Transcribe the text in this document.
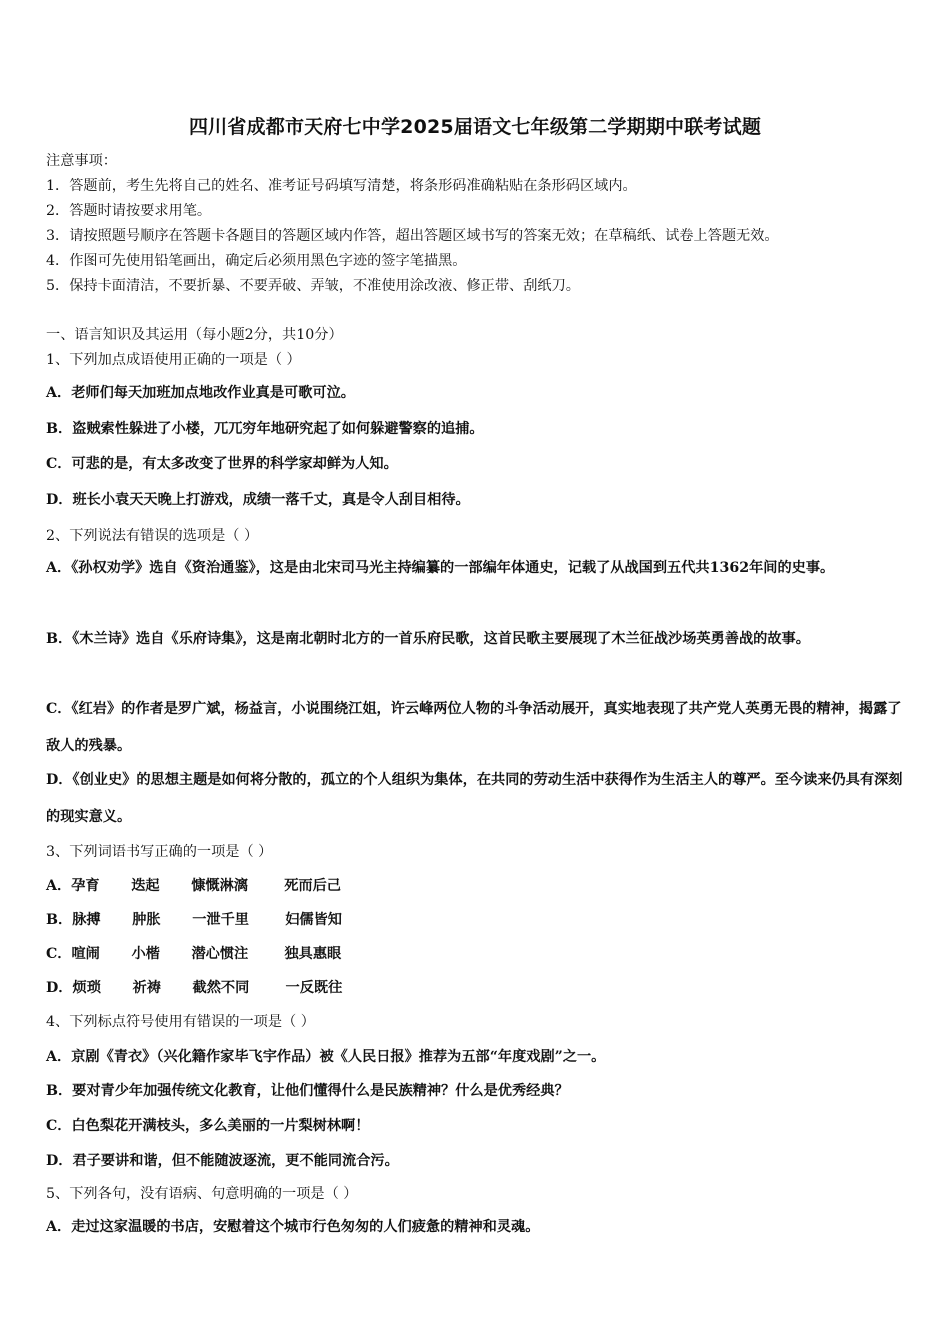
四川省成都市天府七中学2025届语文七年级第二学期期中联考试题
注意事项：
1．答题前，考生先将自己的姓名、准考证号码填写清楚，将条形码准确粘贴在条形码区域内。
2．答题时请按要求用笔。
3．请按照题号顺序在答题卡各题目的答题区域内作答，超出答题区域书写的答案无效；在草稿纸、试卷上答题无效。
4．作图可先使用铅笔画出，确定后必须用黑色字迹的签字笔描黑。
5．保持卡面清洁，不要折暴、不要弄破、弄皱，不准使用涂改液、修正带、刮纸刀。
一、语言知识及其运用（每小题2分，共10分）
1、下列加点成语使用正确的一项是（ ）
A．老师们每天加班加点地改作业真是可歌可泣。
B．盗贼索性躲进了小楼，兀兀穷年地研究起了如何躲避警察的追捕。
C．可悲的是，有太多改变了世界的科学家却鲜为人知。
D．班长小袁天天晚上打游戏，成绩一落千丈，真是令人刮目相待。
2、下列说法有错误的选项是（ ）
A．《孙权劝学》选自《资治通鉴》，这是由北宋司马光主持编纂的一部编年体通史，记载了从战国到五代共1362年间的史事。
B．《木兰诗》选自《乐府诗集》，这是南北朝时北方的一首乐府民歌，这首民歌主要展现了木兰征战沙场英勇善战的故事。
C．《红岩》的作者是罗广斌，杨益言，小说围绕江姐，许云峰两位人物的斗争活动展开，真实地表现了共产党人英勇无畏的精神，揭露了敌人的残暴。
D．《创业史》的思想主题是如何将分散的，孤立的个人组织为集体，在共同的劳动生活中获得作为生活主人的尊严。至今读来仍具有深刻的现实意义。
3、下列词语书写正确的一项是（ ）
A．孕育 迭起 慷慨淋漓	死而后己
B．脉搏 肿胀 一泄千里	妇儒皆知
C．喧闹 小楷 潜心惯注	独具惠眼
D．烦琐 祈祷 截然不同	一反既往
4、下列标点符号使用有错误的一项是（ ）
A．京剧《青衣》（兴化籍作家毕飞宇作品）被《人民日报》推荐为五部“年度戏剧”之一。
B．要对青少年加强传统文化教育，让他们懂得什么是民族精神？什么是优秀经典？
C．白色梨花开满枝头，多么美丽的一片梨树林啊！
D．君子要讲和谐，但不能随波逐流，更不能同流合污。
5、下列各句，没有语病、句意明确的一项是（ ）
A．走过这家温暖的书店，安慰着这个城市行色匆匆的人们疲惫的精神和灵魂。
